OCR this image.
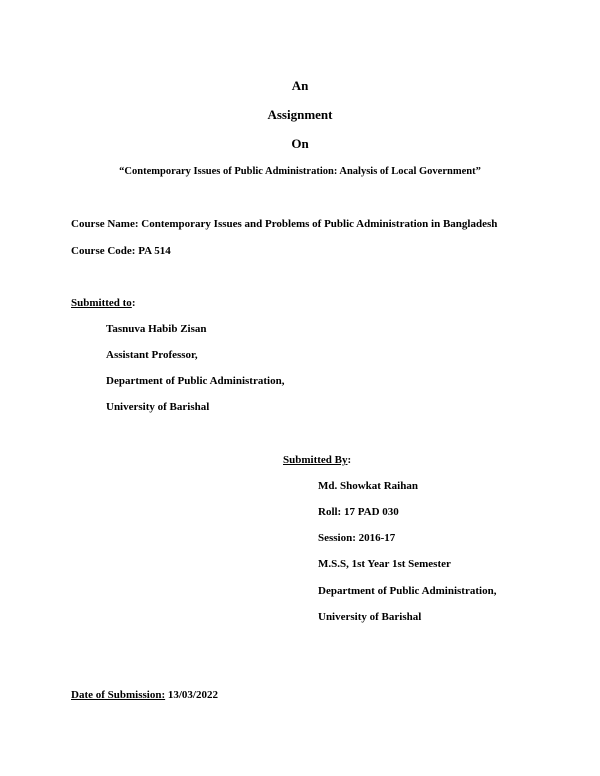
An
Assignment
On
“Contemporary Issues of Public Administration: Analysis of Local Government”
Course Name: Contemporary Issues and Problems of Public Administration in Bangladesh
Course Code: PA 514
Submitted to:
Tasnuva Habib Zisan
Assistant Professor,
Department of Public Administration,
University of Barishal
Submitted By:
Md. Showkat Raihan
Roll: 17 PAD 030
Session: 2016-17
M.S.S, 1st Year 1st Semester
Department of Public Administration,
University of Barishal
Date of Submission: 13/03/2022
